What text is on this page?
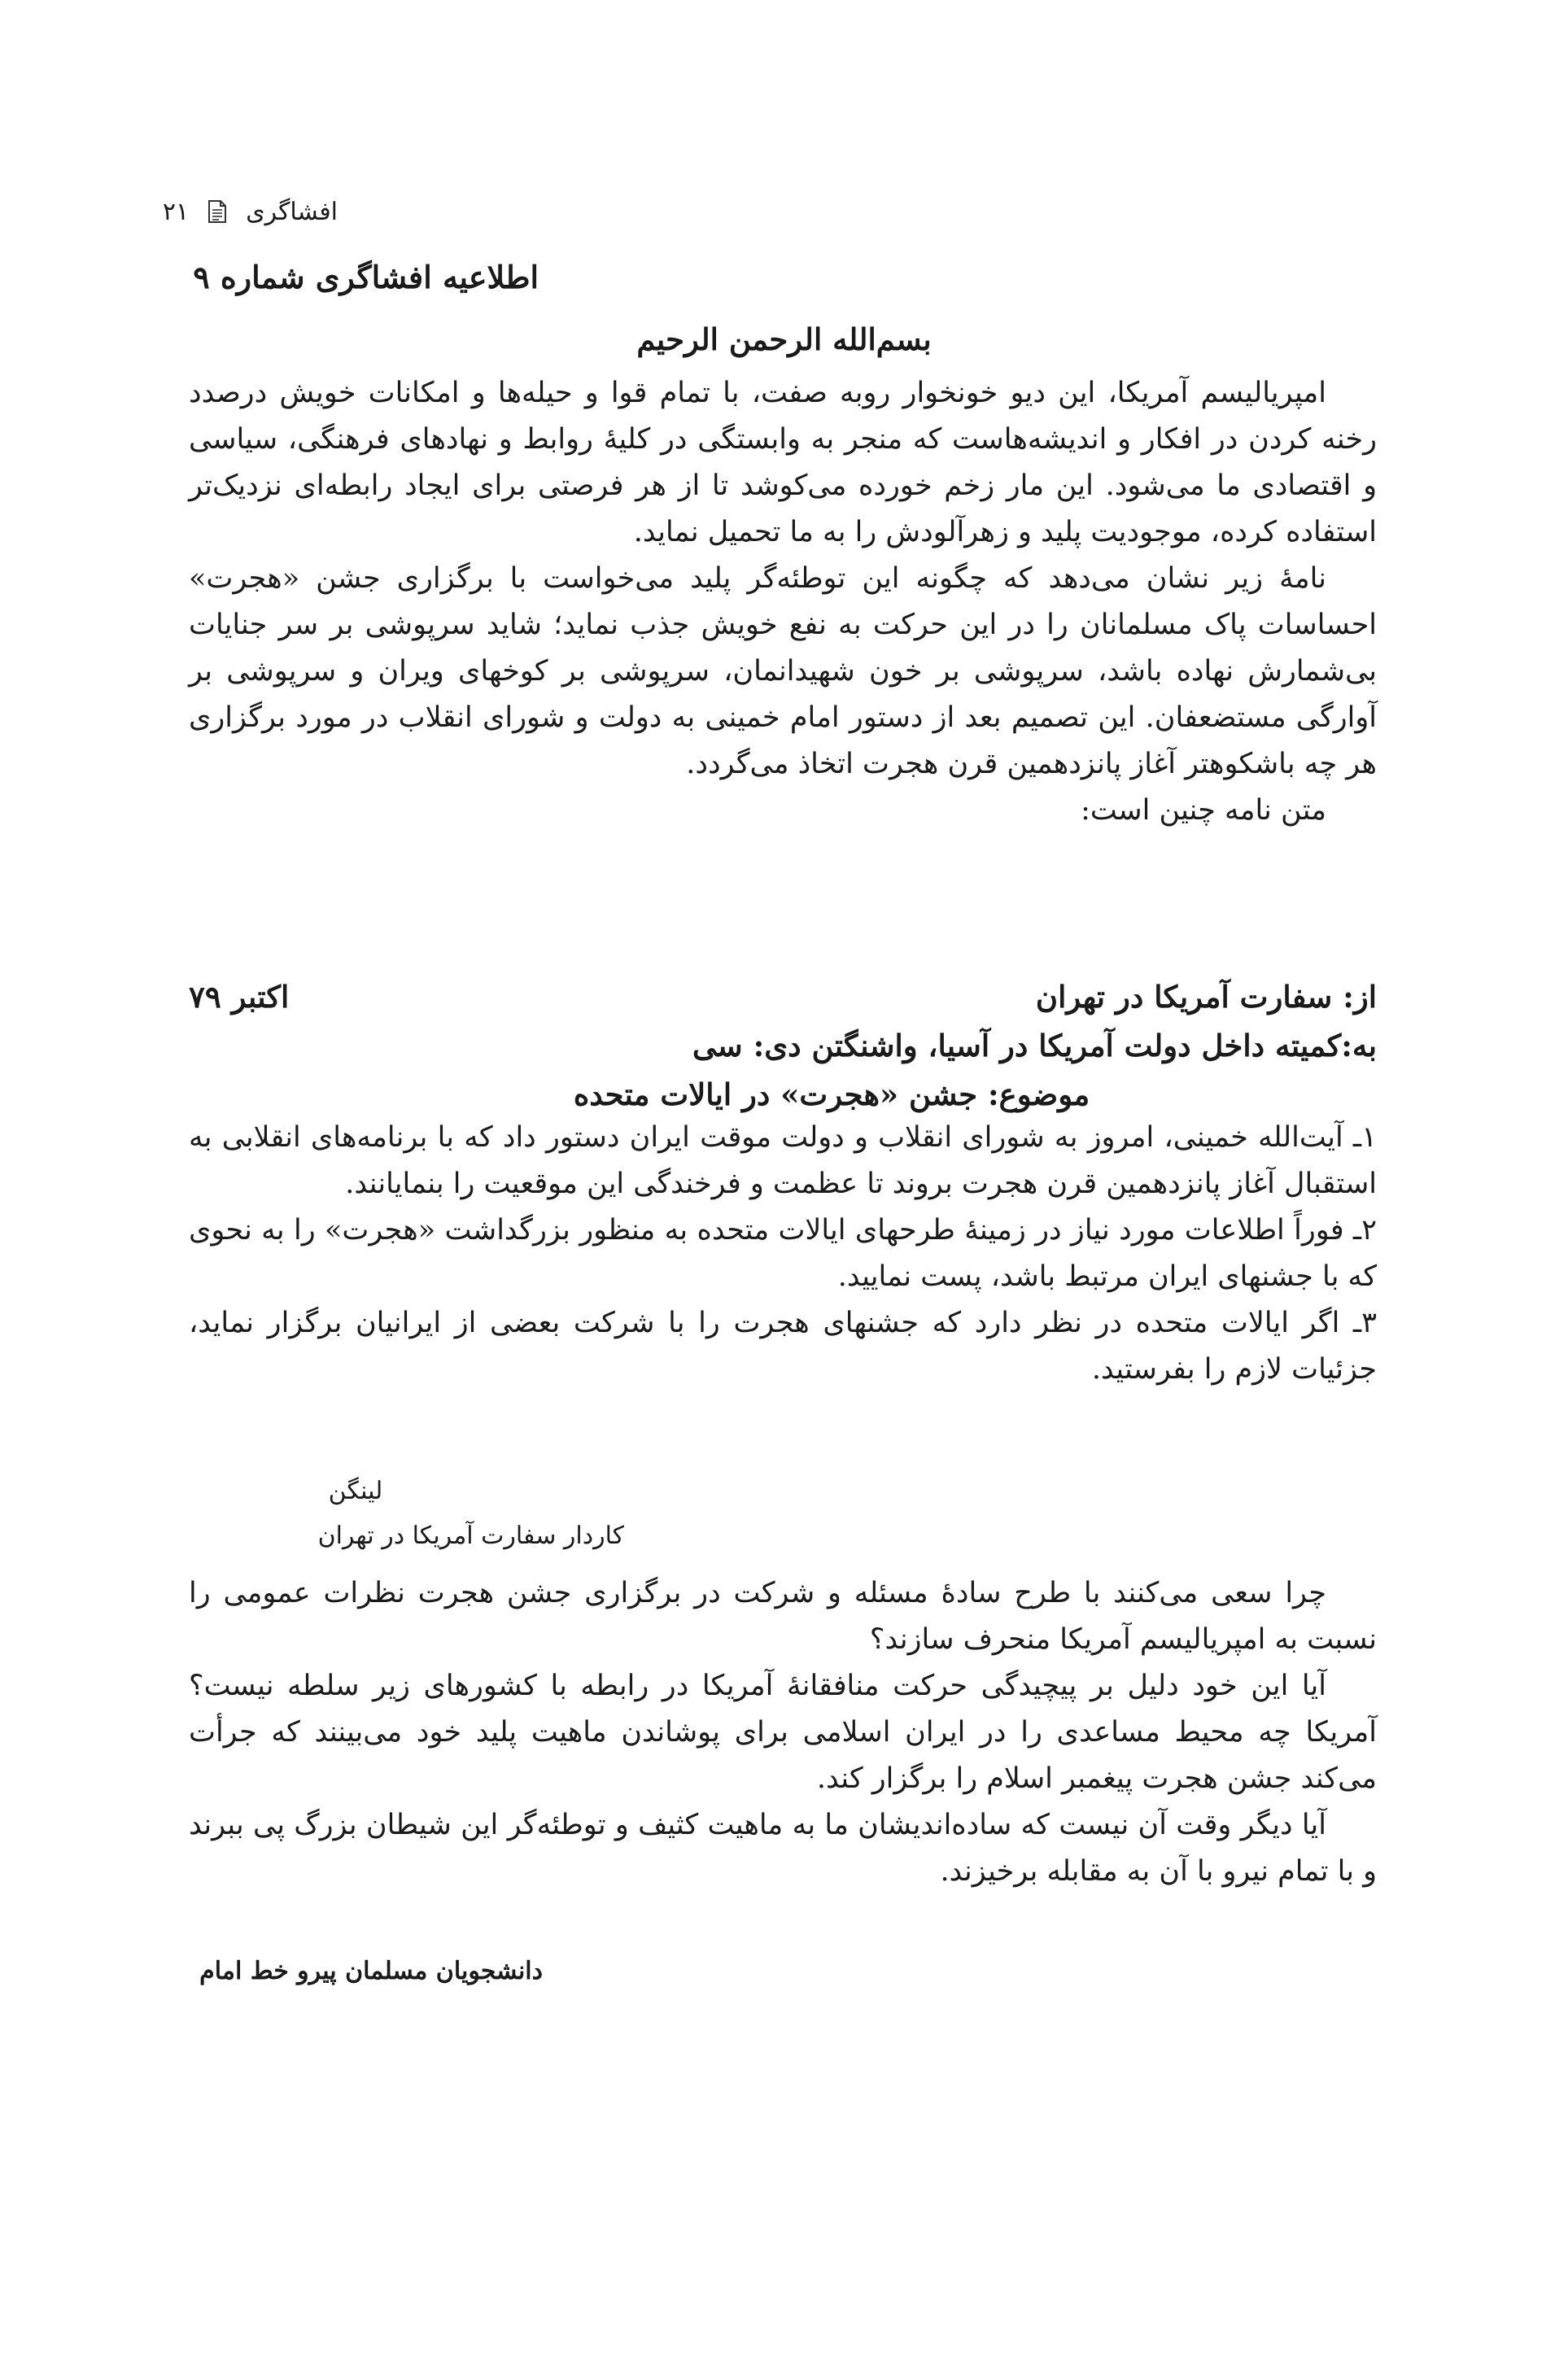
افشاگری
۲۱
اطلاعیه افشاگری شماره ۹
بسم‌الله الرحمن الرحیم

امپریالیسم آمریکا، این دیو خونخوار روبه صفت، با تمام قوا و حیله‌ها و امکانات خویش درصدد رخنه کردن در افکار و اندیشه‌هاست که منجر به وابستگی در کلیهٔ روابط و نهادهای فرهنگی، سیاسی و اقتصادی ما می‌شود. این مار زخم خورده می‌کوشد تا از هر فرصتی برای ایجاد رابطه‌ای نزدیک‌تر استفاده کرده، موجودیت پلید و زهرآلودش را به ما تحمیل نماید.

نامهٔ زیر نشان می‌دهد که چگونه این توطئه‌گر پلید می‌خواست با برگزاری جشن «هجرت» احساسات پاک مسلمانان را در این حرکت به نفع خویش جذب نماید؛ شاید سرپوشی بر سر جنایات بی‌شمارش نهاده باشد، سرپوشی بر خون شهیدانمان، سرپوشی بر کوخهای ویران و سرپوشی بر آوارگی مستضعفان. این تصمیم بعد از دستور امام خمینی به دولت و شورای انقلاب در مورد برگزاری هر چه باشکوهتر آغاز پانزدهمین قرن هجرت اتخاذ می‌گردد.

متن نامه چنین است:

از: سفارت آمریکا در تهران
اکتبر ۷۹
به:کمیته داخل دولت آمریکا در آسیا، واشنگتن دی: سی
موضوع: جشن «هجرت» در ایالات متحده

۱ـ آیت‌الله خمینی، امروز به شورای انقلاب و دولت موقت ایران دستور داد که با برنامه‌های انقلابی به استقبال آغاز پانزدهمین قرن هجرت بروند تا عظمت و فرخندگی این موقعیت را بنمایانند.

۲ـ فوراً اطلاعات مورد نیاز در زمینهٔ طرحهای ایالات متحده به منظور بزرگداشت «هجرت» را به نحوی که با جشنهای ایران مرتبط باشد، پست نمایید.

۳ـ اگر ایالات متحده در نظر دارد که جشنهای هجرت را با شرکت بعضی از ایرانیان برگزار نماید، جزئیات لازم را بفرستید.

لینگن
کاردار سفارت آمریکا در تهران

چرا سعی می‌کنند با طرح سادهٔ مسئله و شرکت در برگزاری جشن هجرت نظرات عمومی را نسبت به امپریالیسم آمریکا منحرف سازند؟

آیا این خود دلیل بر پیچیدگی حرکت منافقانهٔ آمریکا در رابطه با کشورهای زیر سلطه نیست؟ آمریکا چه محیط مساعدی را در ایران اسلامی برای پوشاندن ماهیت پلید خود می‌بینند که جرأت می‌کند جشن هجرت پیغمبر اسلام را برگزار کند.

آیا دیگر وقت آن نیست که ساده‌اندیشان ما به ماهیت کثیف و توطئه‌گر این شیطان بزرگ پی ببرند و با تمام نیرو با آن به مقابله برخیزند.

دانشجویان مسلمان پیرو خط امام
